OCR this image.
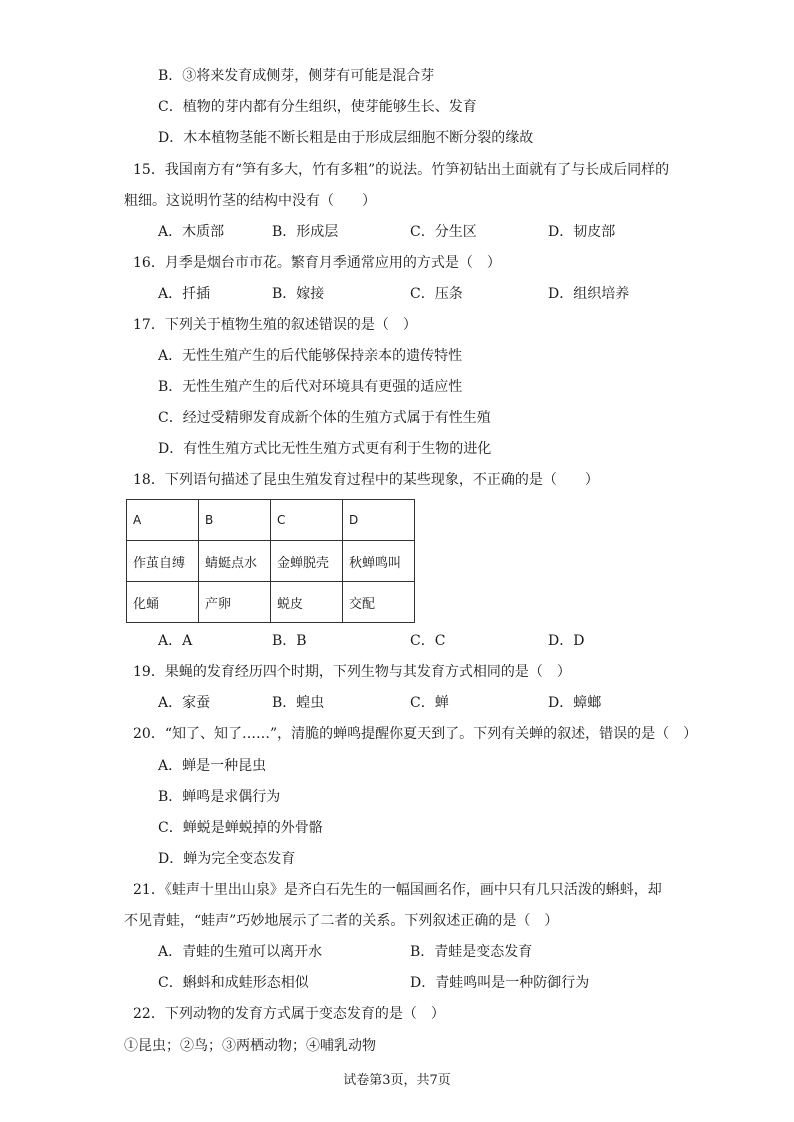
B．③将来发育成侧芽，侧芽有可能是混合芽
C．植物的芽内都有分生组织，使芽能够生长、发育
D．木本植物茎能不断长粗是由于形成层细胞不断分裂的缘故
15．我国南方有“笋有多大，竹有多粗”的说法。竹笋初钻出土面就有了与长成后同样的
粗细。这说明竹茎的结构中没有（　　）
A．木质部	B．形成层	C．分生区	D．韧皮部
16．月季是烟台市市花。繁育月季通常应用的方式是（　）
A．扦插	B．嫁接	C．压条	D．组织培养
17．下列关于植物生殖的叙述错误的是（　）
A．无性生殖产生的后代能够保持亲本的遗传特性
B．无性生殖产生的后代对环境具有更强的适应性
C．经过受精卵发育成新个体的生殖方式属于有性生殖
D．有性生殖方式比无性生殖方式更有利于生物的进化
18．下列语句描述了昆虫生殖发育过程中的某些现象，不正确的是（　　）
A	B	C	D
作茧自缚	蜻蜓点水	金蝉脱壳	秋蝉鸣叫
化蛹	产卵	蜕皮	交配
A．A	B．B	C．C	D．D
19．果蝇的发育经历四个时期，下列生物与其发育方式相同的是（　）
A．家蚕	B．蝗虫	C．蝉	D．蟑螂
20．“知了、知了……”，清脆的蝉鸣提醒你夏天到了。下列有关蝉的叙述，错误的是（　）
A．蝉是一种昆虫
B．蝉鸣是求偶行为
C．蝉蜕是蝉蜕掉的外骨骼
D．蝉为完全变态发育
21．《蛙声十里出山泉》是齐白石先生的一幅国画名作，画中只有几只活泼的蝌蚪，却
不见青蛙，“蛙声”巧妙地展示了二者的关系。下列叙述正确的是（　）
A．青蛙的生殖可以离开水	B．青蛙是变态发育
C．蝌蚪和成蛙形态相似	D．青蛙鸣叫是一种防御行为
22．下列动物的发育方式属于变态发育的是（　）
①昆虫；②鸟；③两栖动物；④哺乳动物
试卷第3页，共7页
